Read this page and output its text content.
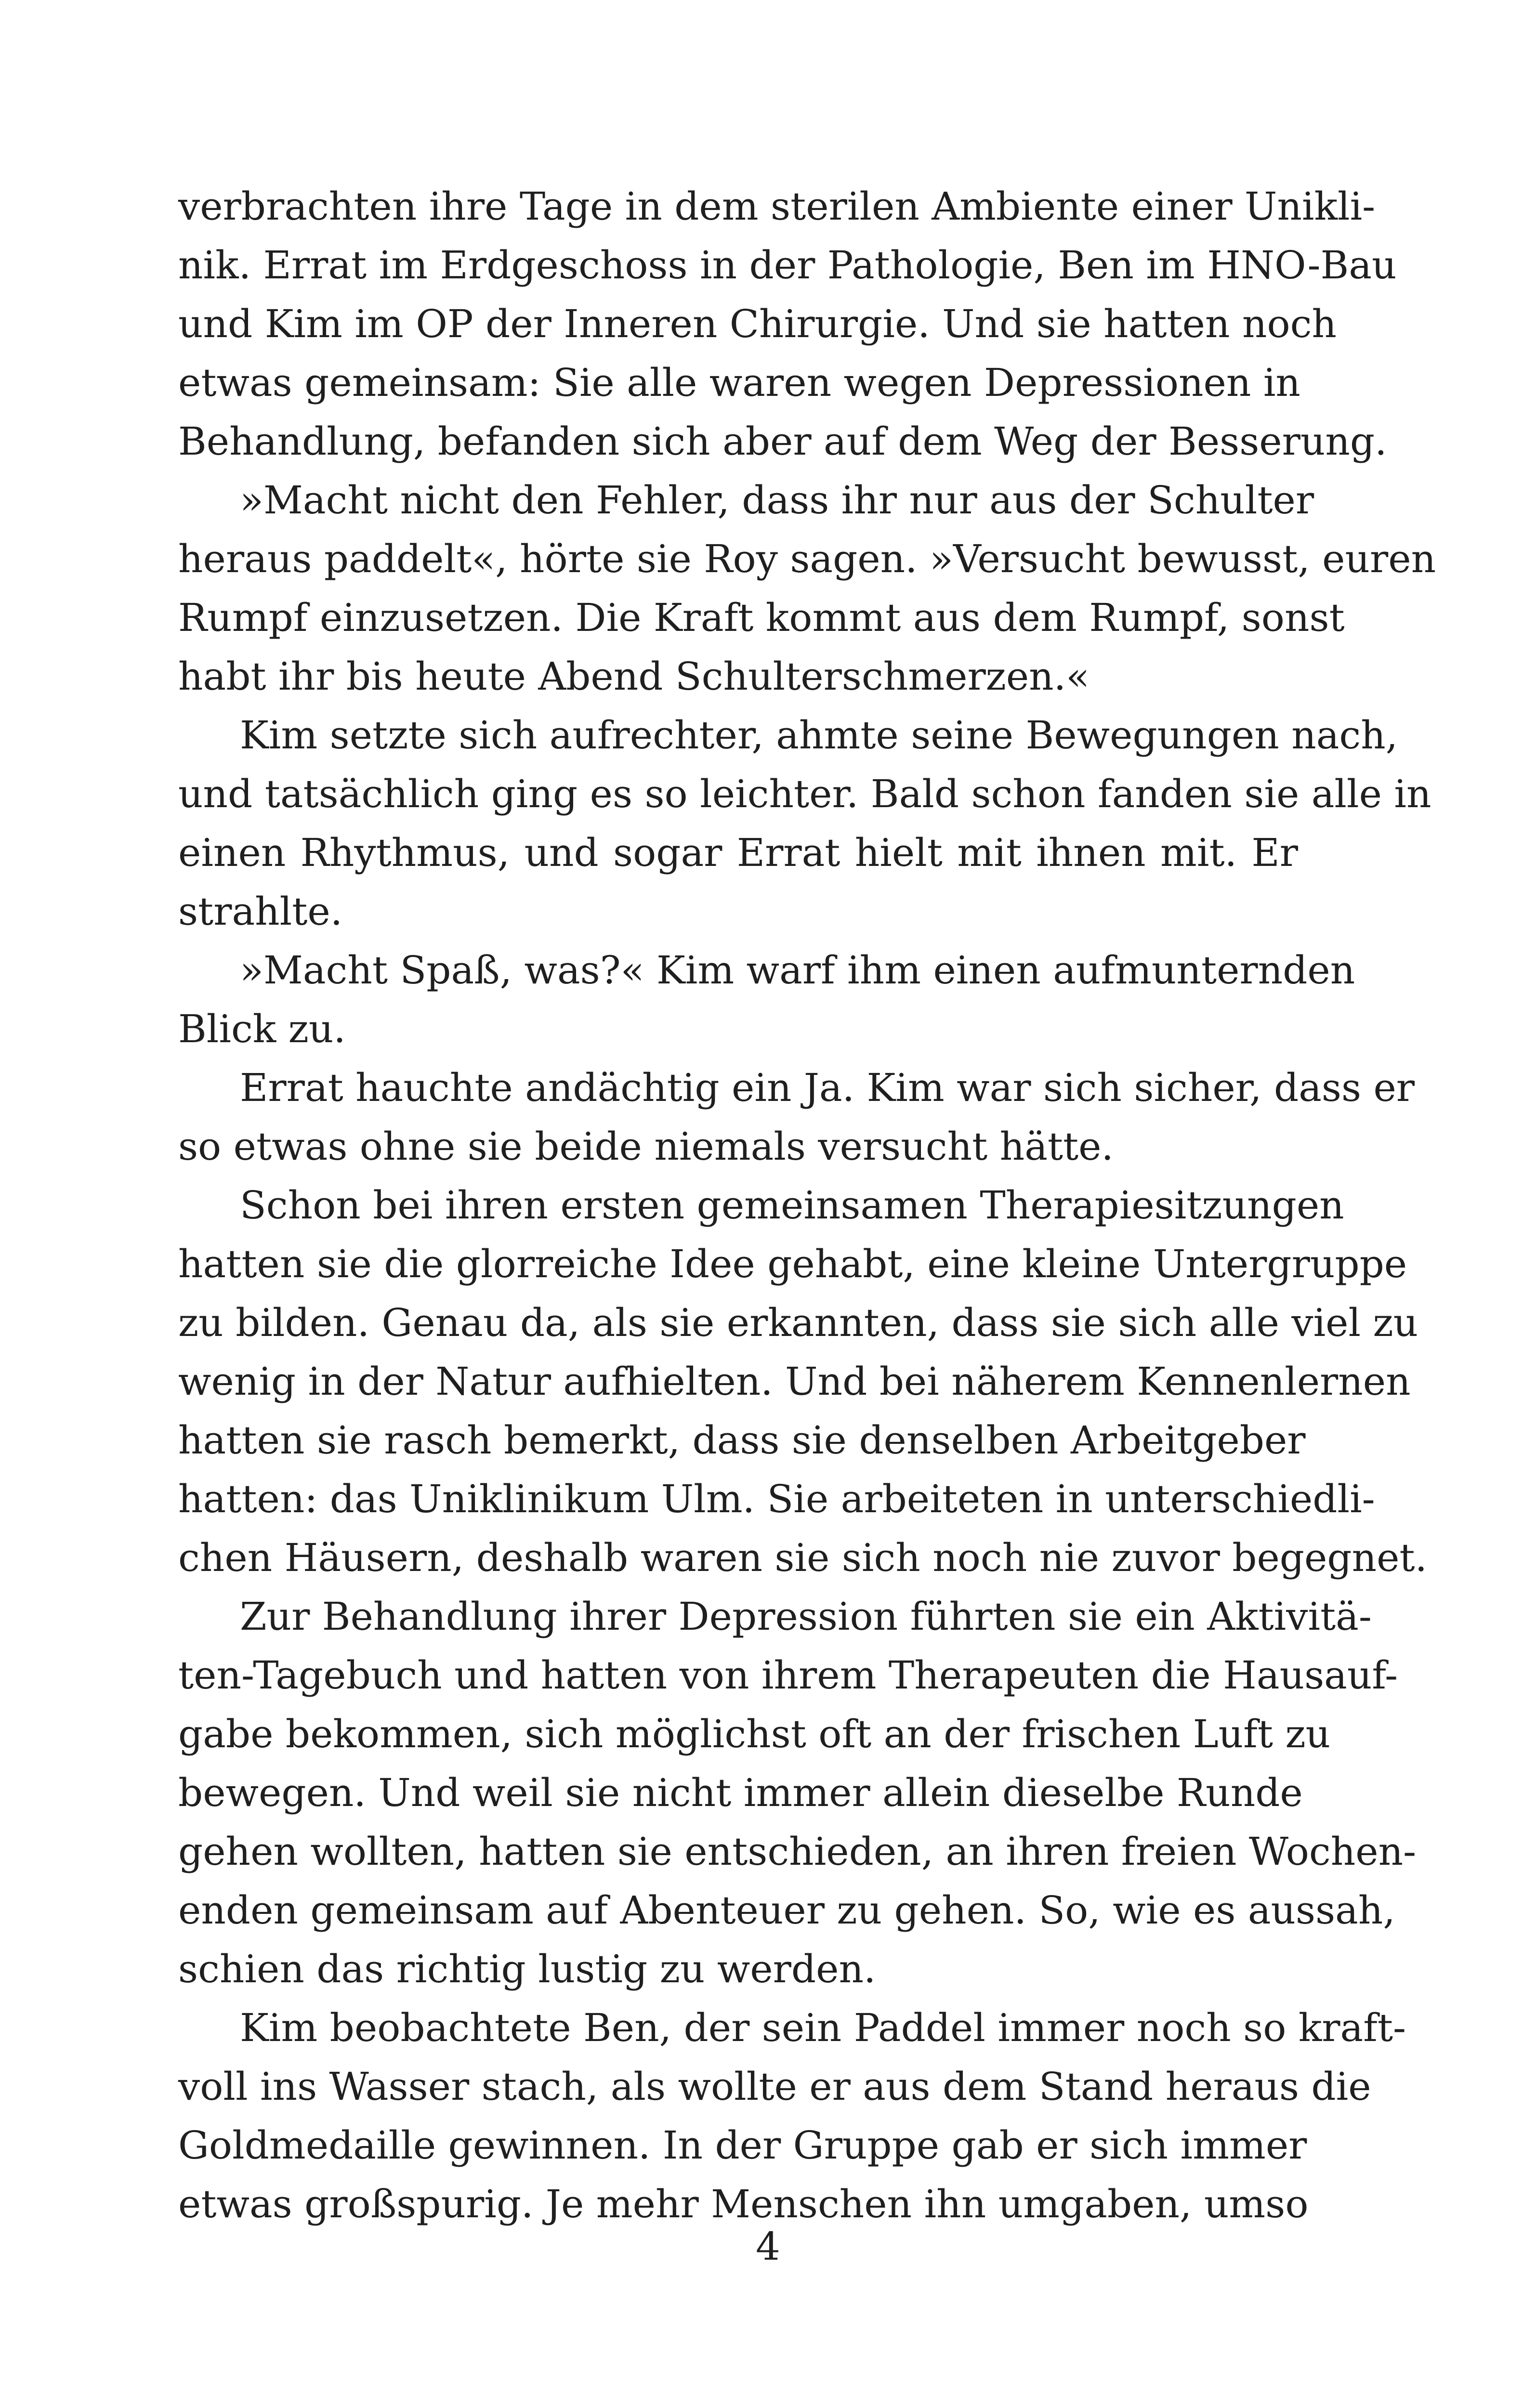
verbrachten ihre Tage in dem sterilen Ambiente einer Unikli-
nik. Errat im Erdgeschoss in der Pathologie, Ben im HNO-Bau
und Kim im OP der Inneren Chirurgie. Und sie hatten noch
etwas gemeinsam: Sie alle waren wegen Depressionen in
Behandlung, befanden sich aber auf dem Weg der Besserung.
»Macht nicht den Fehler, dass ihr nur aus der Schulter
heraus paddelt«, hörte sie Roy sagen. »Versucht bewusst, euren
Rumpf einzusetzen. Die Kraft kommt aus dem Rumpf, sonst
habt ihr bis heute Abend Schulterschmerzen.«
Kim setzte sich aufrechter, ahmte seine Bewegungen nach,
und tatsächlich ging es so leichter. Bald schon fanden sie alle in
einen Rhythmus, und sogar Errat hielt mit ihnen mit. Er
strahlte.
»Macht Spaß, was?« Kim warf ihm einen aufmunternden
Blick zu.
Errat hauchte andächtig ein Ja. Kim war sich sicher, dass er
so etwas ohne sie beide niemals versucht hätte.
Schon bei ihren ersten gemeinsamen Therapiesitzungen
hatten sie die glorreiche Idee gehabt, eine kleine Untergruppe
zu bilden. Genau da, als sie erkannten, dass sie sich alle viel zu
wenig in der Natur aufhielten. Und bei näherem Kennenlernen
hatten sie rasch bemerkt, dass sie denselben Arbeitgeber
hatten: das Uniklinikum Ulm. Sie arbeiteten in unterschiedli-
chen Häusern, deshalb waren sie sich noch nie zuvor begegnet.
Zur Behandlung ihrer Depression führten sie ein Aktivitä-
ten-Tagebuch und hatten von ihrem Therapeuten die Hausauf-
gabe bekommen, sich möglichst oft an der frischen Luft zu
bewegen. Und weil sie nicht immer allein dieselbe Runde
gehen wollten, hatten sie entschieden, an ihren freien Wochen-
enden gemeinsam auf Abenteuer zu gehen. So, wie es aussah,
schien das richtig lustig zu werden.
Kim beobachtete Ben, der sein Paddel immer noch so kraft-
voll ins Wasser stach, als wollte er aus dem Stand heraus die
Goldmedaille gewinnen. In der Gruppe gab er sich immer
etwas großspurig. Je mehr Menschen ihn umgaben, umso
4
